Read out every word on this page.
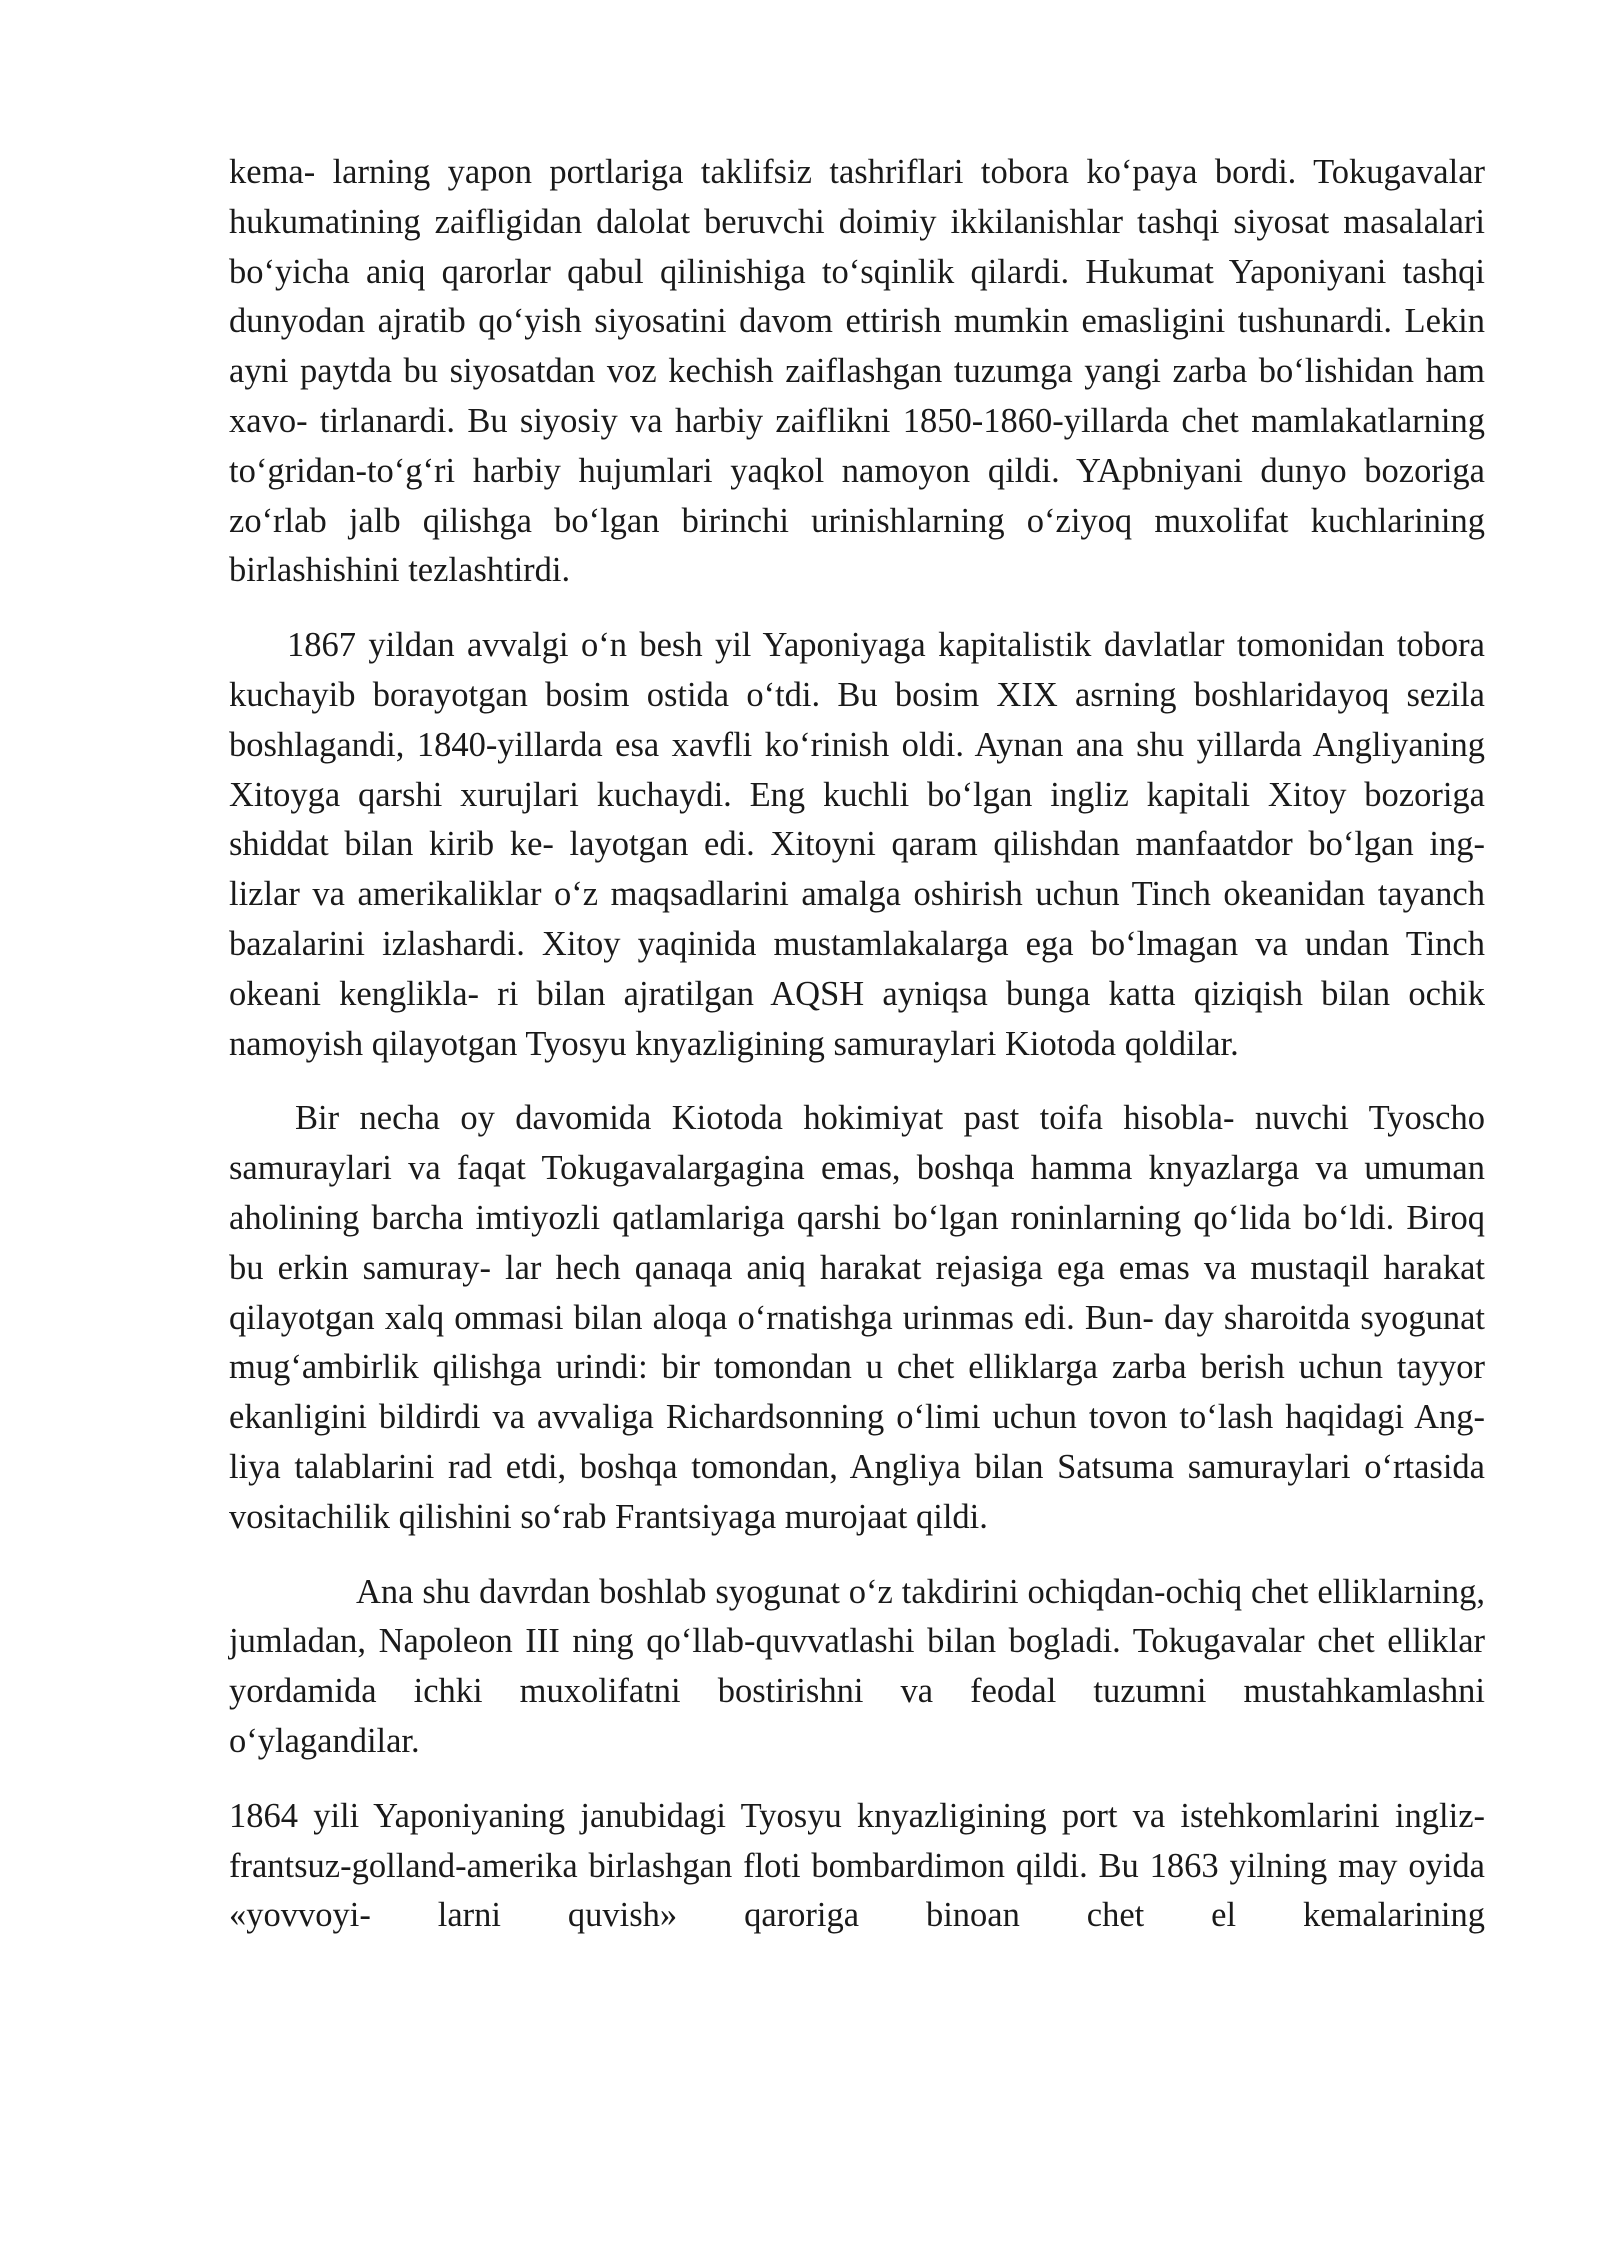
kema- larning yapon portlariga taklifsiz tashriflari tobora ko‘paya bordi. Tokugavalar hukumatining zaifligidan dalolat beruvchi doimiy ikkilanishlar tashqi siyosat masalalari bo‘yicha aniq qarorlar qabul qilinishiga to‘sqinlik qilardi. Hukumat Yaponiyani tashqi dunyodan ajratib qo‘yish siyosatini davom ettirish mumkin emasligini tushunardi. Lekin ayni paytda bu siyosatdan voz kechish zaiflashgan tuzumga yangi zarba bo‘lishidan ham xavo- tirlanardi. Bu siyosiy va harbiy zaiflikni 1850-1860-yillarda chet mamlakatlarning to‘gridan-to‘g‘ri harbiy hujumlari yaqkol namoyon qildi. YApbniyani dunyo bozoriga zo‘rlab jalb qilishga bo‘lgan birinchi urinishlarning o‘ziyoq muxolifat kuchlarining birlashishini tezlashtirdi.

1867 yildan avvalgi o‘n besh yil Yaponiyaga kapitalistik davlatlar tomonidan tobora kuchayib borayotgan bosim ostida o‘tdi. Bu bosim XIX asrning boshlaridayoq sezila boshlagandi, 1840-yillarda esa xavfli ko‘rinish oldi. Aynan ana shu yillarda Angliyaning Xitoyga qarshi xurujlari kuchaydi. Eng kuchli bo‘lgan ingliz kapitali Xitoy bozoriga shiddat bilan kirib ke- layotgan edi. Xitoyni qaram qilishdan manfaatdor bo‘lgan ing- lizlar va amerikaliklar o‘z maqsadlarini amalga oshirish uchun Tinch okeanidan tayanch bazalarini izlashardi. Xitoy yaqinida mustamlakalarga ega bo‘lmagan va undan Tinch okeani kenglikla- ri bilan ajratilgan AQSH ayniqsa bunga katta qiziqish bilan ochik namoyish qilayotgan Tyosyu knyazligining samuraylari Kiotoda qoldilar.

Bir necha oy davomida Kiotoda hokimiyat past toifa hisobla- nuvchi Tyoscho samuraylari va faqat Tokugavalargagina emas, boshqa hamma knyazlarga va umuman aholining barcha imtiyozli qatlamlariga qarshi bo‘lgan roninlarning qo‘lida bo‘ldi. Biroq bu erkin samuray- lar hech qanaqa aniq harakat rejasiga ega emas va mustaqil harakat qilayotgan xalq ommasi bilan aloqa o‘rnatishga urinmas edi. Bun- day sharoitda syogunat mug‘ambirlik qilishga urindi: bir tomondan u chet elliklarga zarba berish uchun tayyor ekanligini bildirdi va avvaliga Richardsonning o‘limi uchun tovon to‘lash haqidagi Ang- liya talablarini rad etdi, boshqa tomondan, Angliya bilan Satsuma samuraylari o‘rtasida vositachilik qilishini so‘rab Frantsiyaga murojaat qildi.

Ana shu davrdan boshlab syogunat o‘z takdirini ochiqdan-ochiq chet elliklarning, jumladan, Napoleon III ning qo‘llab-quvvatlashi bilan bogladi. Tokugavalar chet elliklar yordamida ichki muxolifatni bostirishni va feodal tuzumni mustahkamlashni o‘ylagandilar.

1864 yili Yaponiyaning janubidagi Tyosyu knyazligining port va istehkomlarini ingliz-frantsuz-golland-amerika birlashgan floti bombardimon qildi. Bu 1863 yilning may oyida «yovvoyi- larni quvish» qaroriga binoan chet el kemalarining
